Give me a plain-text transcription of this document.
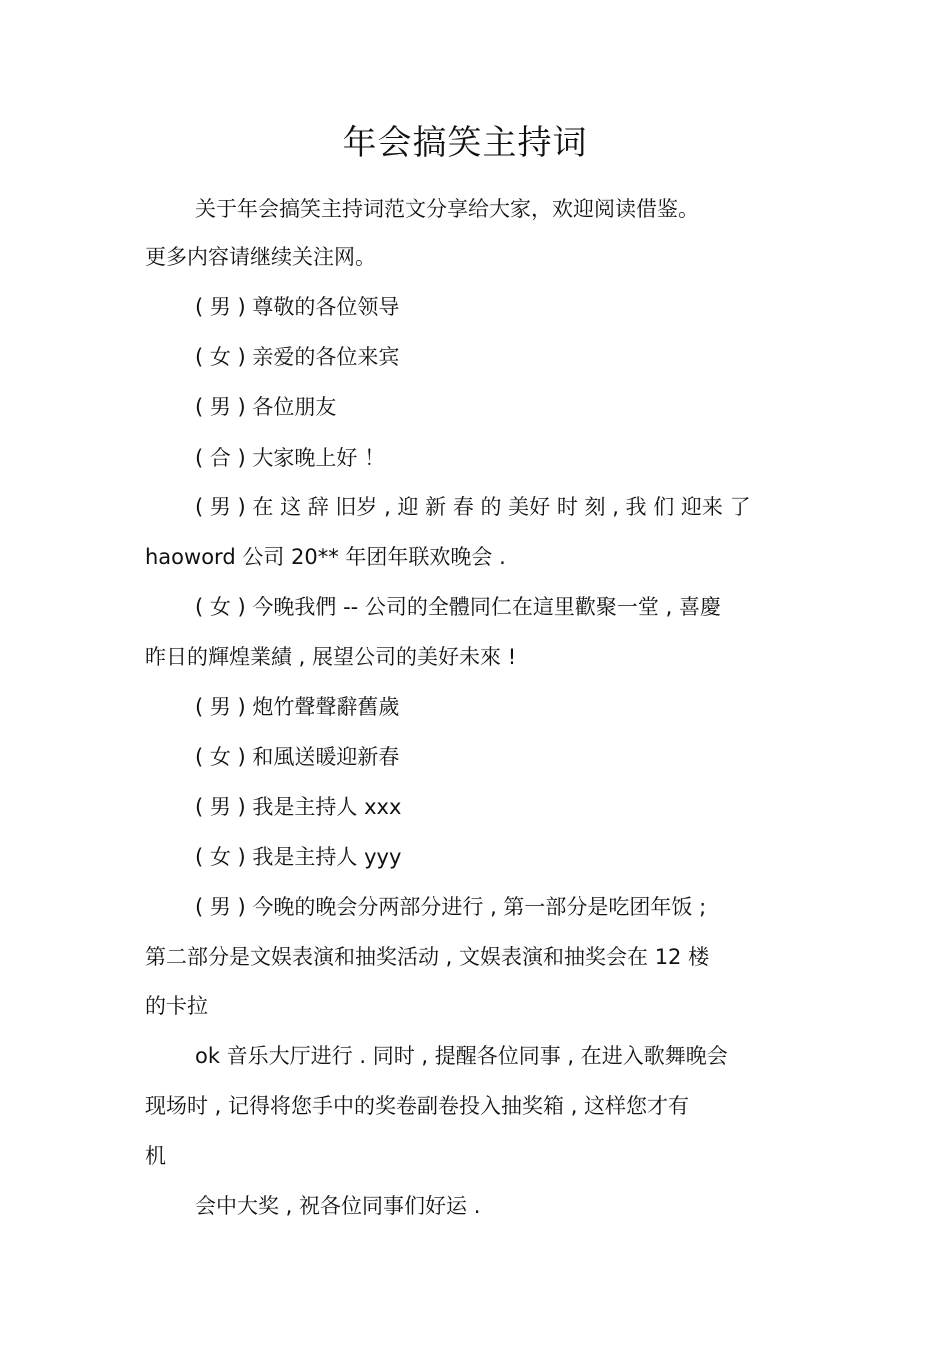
年会搞笑主持词
关于年会搞笑主持词范文分享给大家，欢迎阅读借鉴。
更多内容请继续关注网。
( 男 ) 尊敬的各位领导
( 女 ) 亲爱的各位来宾
( 男 ) 各位朋友
( 合 ) 大家晚上好 ！
( 男 ) 在 这 辞 旧岁 , 迎 新 春 的 美好 时 刻 , 我 们 迎来 了
haoword 公司 20** 年团年联欢晚会 .
( 女 ) 今晚我們 -- 公司的全體同仁在這里歡聚一堂 , 喜慶
昨日的輝煌業績 , 展望公司的美好未來 !
( 男 ) 炮竹聲聲辭舊歲
( 女 ) 和風送暖迎新春
( 男 ) 我是主持人 xxx
( 女 ) 我是主持人 yyy
( 男 ) 今晚的晚会分两部分进行 , 第一部分是吃团年饭 ;
第二部分是文娱表演和抽奖活动 , 文娱表演和抽奖会在 12 楼
的卡拉
ok 音乐大厅进行 . 同时 , 提醒各位同事 , 在进入歌舞晚会
现场时 , 记得将您手中的奖卷副卷投入抽奖箱 , 这样您才有
机
会中大奖 , 祝各位同事们好运 .
